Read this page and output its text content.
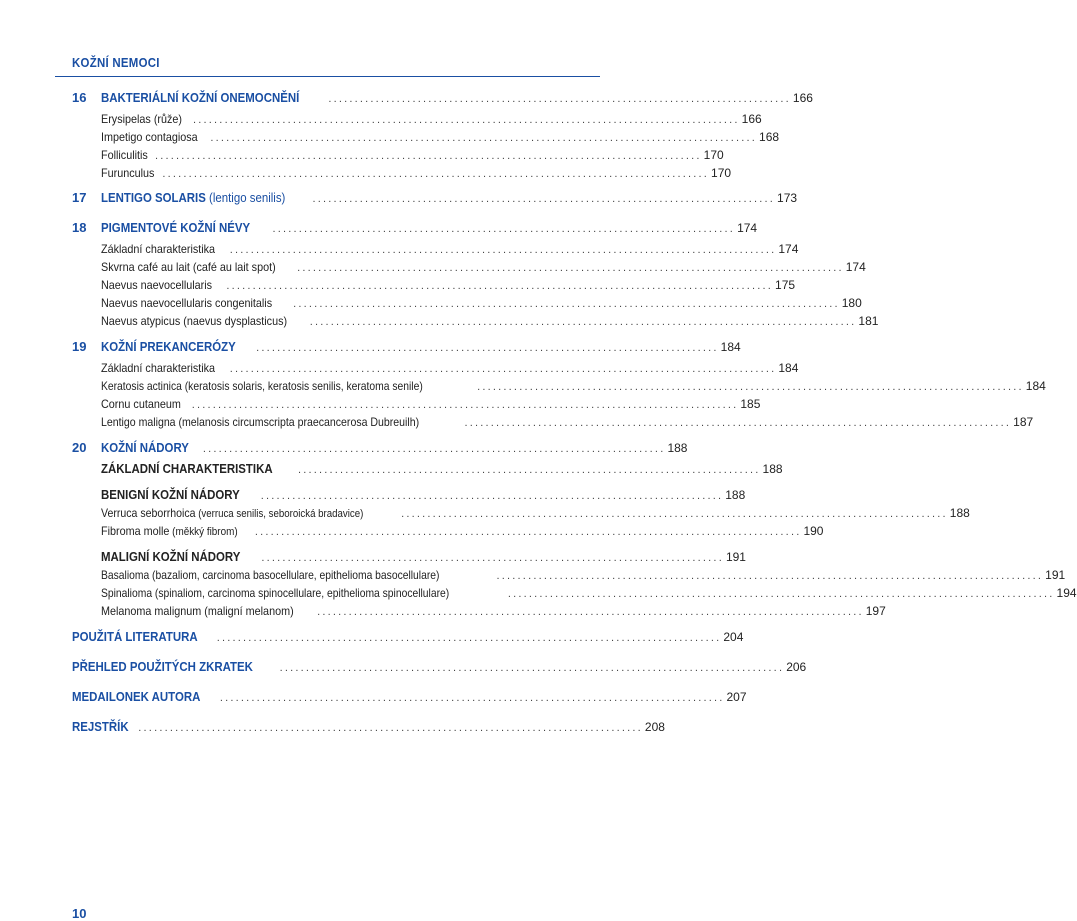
KOŽNÍ NEMOCI
16 BAKTERIÁLNÍ KOŽNÍ ONEMOCNĚNÍ	........................................................................................ 166
Erysipelas (růže) ........................................................................................................ 166
Impetigo contagiosa ........................................................................................................ 168
Folliculitis ........................................................................................................ 170
Furunculus ........................................................................................................ 170
17 LENTIGO SOLARIS (lentigo senilis) ........................................................................................ 173
18 PIGMENTOVÉ KOŽNÍ NÉVY ........................................................................................ 174
Základní charakteristika ........................................................................................................ 174
Skvrna café au lait (café au lait spot) ........................................................................................................ 174
Naevus naevocellularis ........................................................................................................ 175
Naevus naevocellularis congenitalis ........................................................................................................ 180
Naevus atypicus (naevus dysplasticus) ........................................................................................................ 181
19 KOŽNÍ PREKANCERÓZY ........................................................................................ 184
Základní charakteristika ........................................................................................................ 184
Keratosis actinica (keratosis solaris, keratosis senilis, keratoma senile)	........................................................................................................ 184
Cornu cutaneum ........................................................................................................ 185
Lentigo maligna (melanosis circumscripta praecancerosa Dubreuilh)	........................................................................................................ 187
20 KOŽNÍ NÁDORY ........................................................................................ 188
ZÁKLADNÍ CHARAKTERISTIKA ........................................................................................ 188
BENIGNÍ KOŽNÍ NÁDORY ........................................................................................ 188
Verruca seborrhoica (verruca senilis, seboroická bradavice)	........................................................................................................ 188
Fibroma molle (měkký fibrom) ........................................................................................................ 190
MALIGNÍ KOŽNÍ NÁDORY ........................................................................................ 191
Basalioma (bazaliom, carcinoma basocellulare, epithelioma basocellulare)	........................................................................................................ 191
Spinalioma (spinaliom, carcinoma spinocellulare, epithelioma spinocellulare)	........................................................................................................ 194
Melanoma malignum (maligní melanom) ........................................................................................................ 197
POUŽITÁ LITERATURA ................................................................................................ 204
PŘEHLED POUŽITÝCH ZKRATEK ................................................................................................ 206
MEDAILONEK AUTORA ................................................................................................ 207
REJSTŘÍK ................................................................................................ 208
10
